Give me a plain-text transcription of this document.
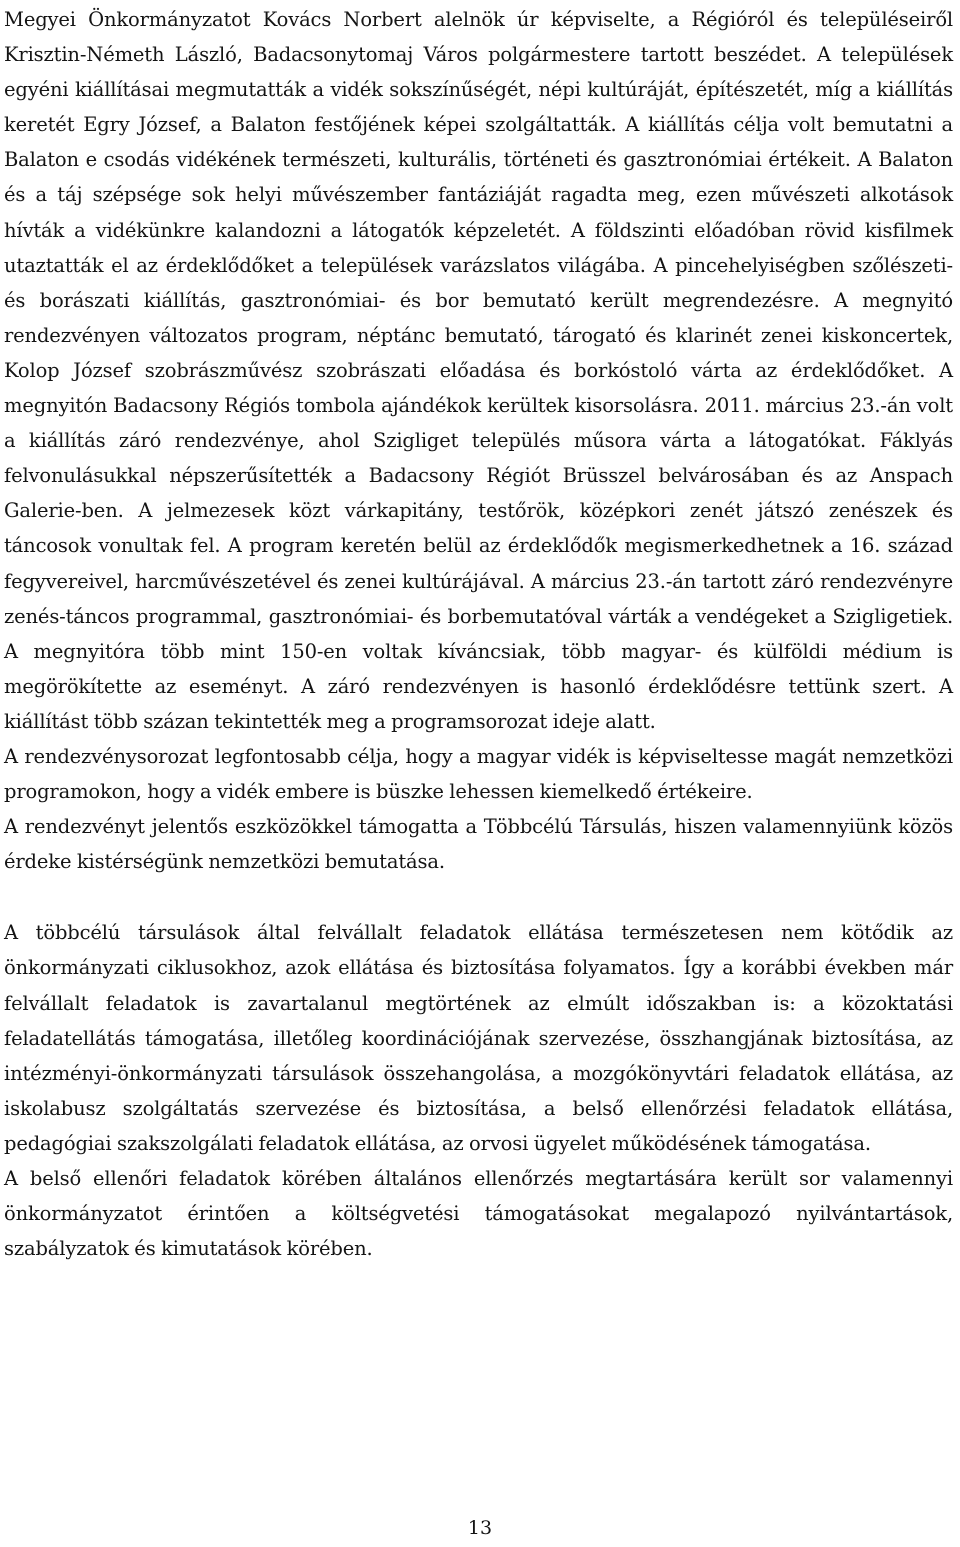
Megyei Önkormányzatot Kovács Norbert alelnök úr képviselte, a Régióról és településeiről Krisztin-Németh László, Badacsonytomaj Város polgármestere tartott beszédet. A települések egyéni kiállításai megmutatták a vidék sokszínűségét, népi kultúráját, építészetét, míg a kiállítás keretét Egry József, a Balaton festőjének képei szolgáltatták. A kiállítás célja volt bemutatni a Balaton e csodás vidékének természeti, kulturális, történeti és gasztronómiai értékeit. A Balaton és a táj szépsége sok helyi művészember fantáziáját ragadta meg, ezen művészeti alkotások hívták a vidékünkre kalandozni a látogatók képzeletét. A földszinti előadóban rövid kisfilmek utaztatták el az érdeklődőket a települések varázslatos világába. A pincehelyiségben szőlészeti- és borászati kiállítás, gasztronómiai- és bor bemutató került megrendezésre. A megnyitó rendezvényen változatos program, néptánc bemutató, tárogató és klarinét zenei kiskoncertek, Kolop József szobrászművész szobrászati előadása és borkóstoló várta az érdeklődőket. A megnyitón Badacsony Régiós tombola ajándékok kerültek kisorsolásra. 2011. március 23.-án volt a kiállítás záró rendezvénye, ahol Szigliget település műsora várta a látogatókat. Fáklyás felvonulásukkal népszerűsítették a Badacsony Régiót Brüsszel belvárosában és az Anspach Galerie-ben. A jelmezesek közt várkapitány, testőrök, középkori zenét játszó zenészek és táncosok vonultak fel. A program keretén belül az érdeklődők megismerkedhetnek a 16. század fegyvereivel, harcművészetével és zenei kultúrájával. A március 23.-án tartott záró rendezvényre zenés-táncos programmal, gasztronómiai- és borbemutatóval várták a vendégeket a Szigligetiek. A megnyitóra több mint 150-en voltak kíváncsiak, több magyar- és külföldi médium is megörökítette az eseményt. A záró rendezvényen is hasonló érdeklődésre tettünk szert. A kiállítást több százan tekintették meg a programsorozat ideje alatt.

A rendezvénysorozat legfontosabb célja, hogy a magyar vidék is képviseltesse magát nemzetközi programokon, hogy a vidék embere is büszke lehessen kiemelkedő értékeire.

A rendezvényt jelentős eszközökkel támogatta a Többcélú Társulás, hiszen valamennyiünk közös érdeke kistérségünk nemzetközi bemutatása.

A többcélú társulások által felvállalt feladatok ellátása természetesen nem kötődik az önkormányzati ciklusokhoz, azok ellátása és biztosítása folyamatos. Így a korábbi években már felvállalt feladatok is zavartalanul megtörtének az elmúlt időszakban is: a közoktatási feladatellátás támogatása, illetőleg koordinációjának szervezése, összhangjának biztosítása, az intézményi-önkormányzati társulások összehangolása, a mozgókönyvtári feladatok ellátása, az iskolabusz szolgáltatás szervezése és biztosítása, a belső ellenőrzési feladatok ellátása, pedagógiai szakszolgálati feladatok ellátása, az orvosi ügyelet működésének támogatása.

A belső ellenőri feladatok körében általános ellenőrzés megtartására került sor valamennyi önkormányzatot érintően a költségvetési támogatásokat megalapozó nyilvántartások, szabályzatok és kimutatások körében.

13
